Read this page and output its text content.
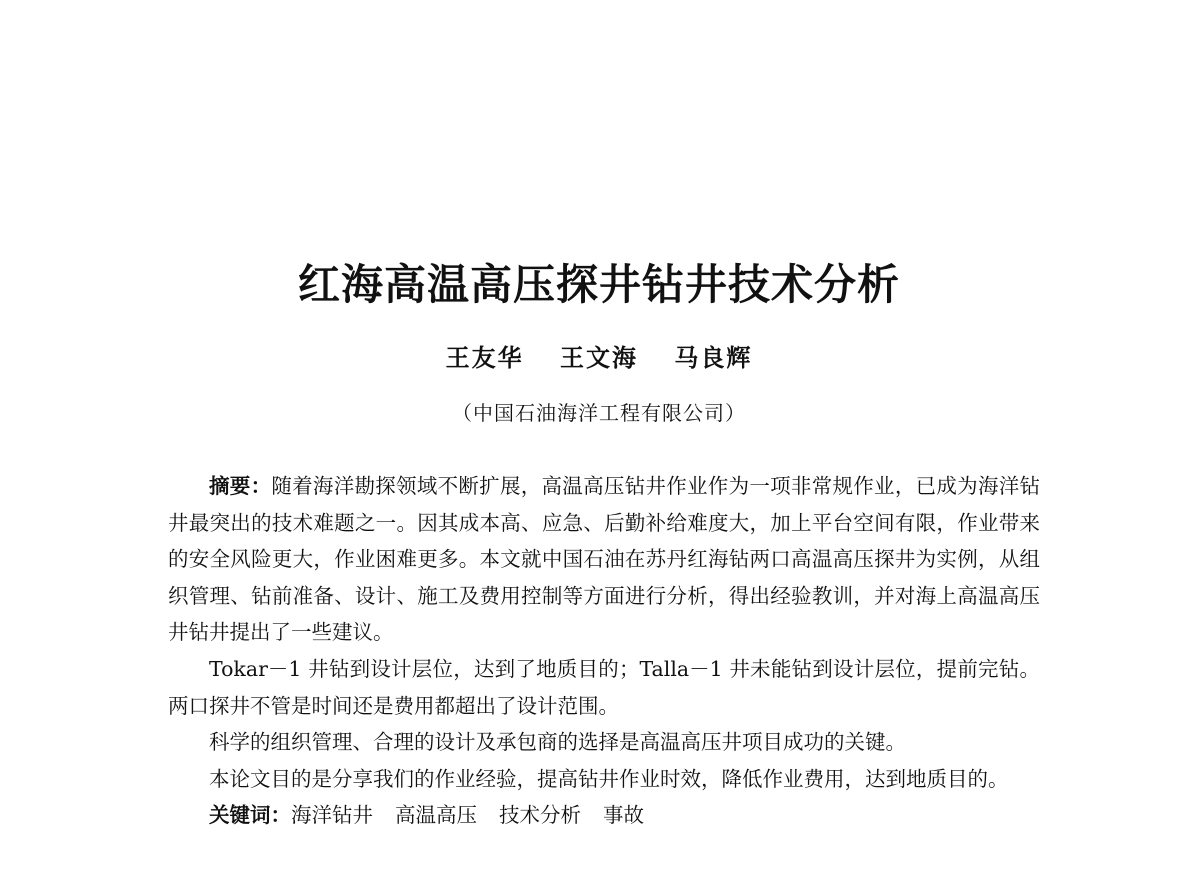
红海高温高压探井钻井技术分析
王友华 王文海 马良辉
（中国石油海洋工程有限公司）

摘要：随着海洋勘探领域不断扩展，高温高压钻井作业作为一项非常规作业，已成为海洋钻井最突出的技术难题之一。因其成本高、应急、后勤补给难度大，加上平台空间有限，作业带来的安全风险更大，作业困难更多。本文就中国石油在苏丹红海钻两口高温高压探井为实例，从组织管理、钻前准备、设计、施工及费用控制等方面进行分析，得出经验教训，并对海上高温高压井钻井提出了一些建议。

Tokar－1 井钻到设计层位，达到了地质目的；Talla－1 井未能钻到设计层位，提前完钻。两口探井不管是时间还是费用都超出了设计范围。

科学的组织管理、合理的设计及承包商的选择是高温高压井项目成功的关键。

本论文目的是分享我们的作业经验，提高钻井作业时效，降低作业费用，达到地质目的。

关键词：海洋钻井 高温高压 技术分析 事故
